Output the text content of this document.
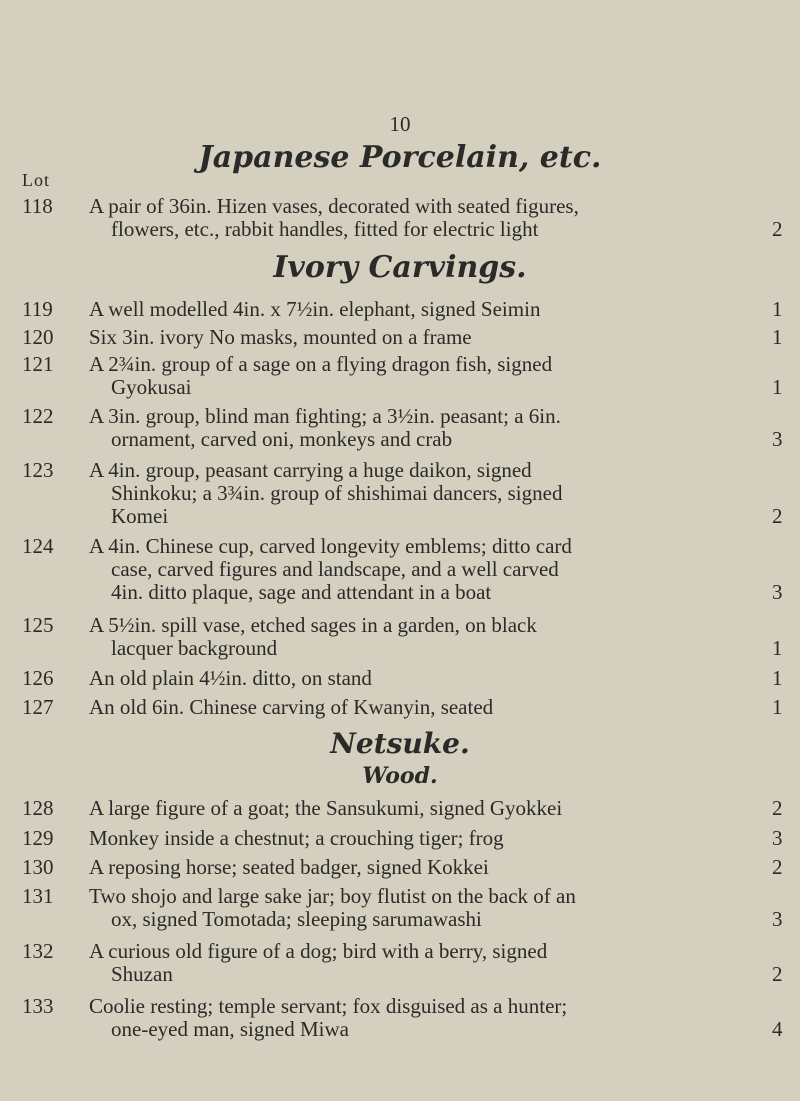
10
Japanese Porcelain, etc.
Lot
118 A pair of 36in. Hizen vases, decorated with seated figures,
flowers, etc., rabbit handles, fitted for electric light	2
Ivory Carvings.
119 A well modelled 4in. x 7½in. elephant, signed Seimin	1
120 Six 3in. ivory No masks, mounted on a frame	1
121 A 2¾in. group of a sage on a flying dragon fish, signed
Gyokusai	1
122 A 3in. group, blind man fighting; a 3½in. peasant; a 6in.
ornament, carved oni, monkeys and crab	3
123 A 4in. group, peasant carrying a huge daikon, signed
Shinkoku; a 3¾in. group of shishimai dancers, signed
Komei	2
124 A 4in. Chinese cup, carved longevity emblems; ditto card
case, carved figures and landscape, and a well carved
4in. ditto plaque, sage and attendant in a boat	3
125 A 5½in. spill vase, etched sages in a garden, on black
lacquer background	1
126 An old plain 4½in. ditto, on stand	1
127 An old 6in. Chinese carving of Kwanyin, seated	1
Netsuke.
Wood.
128 A large figure of a goat; the Sansukumi, signed Gyokkei	2
129 Monkey inside a chestnut; a crouching tiger; frog	3
130 A reposing horse; seated badger, signed Kokkei	2
131 Two shojo and large sake jar; boy flutist on the back of an
ox, signed Tomotada; sleeping sarumawashi	3
132 A curious old figure of a dog; bird with a berry, signed
Shuzan	2
133 Coolie resting; temple servant; fox disguised as a hunter;
one-eyed man, signed Miwa	4
